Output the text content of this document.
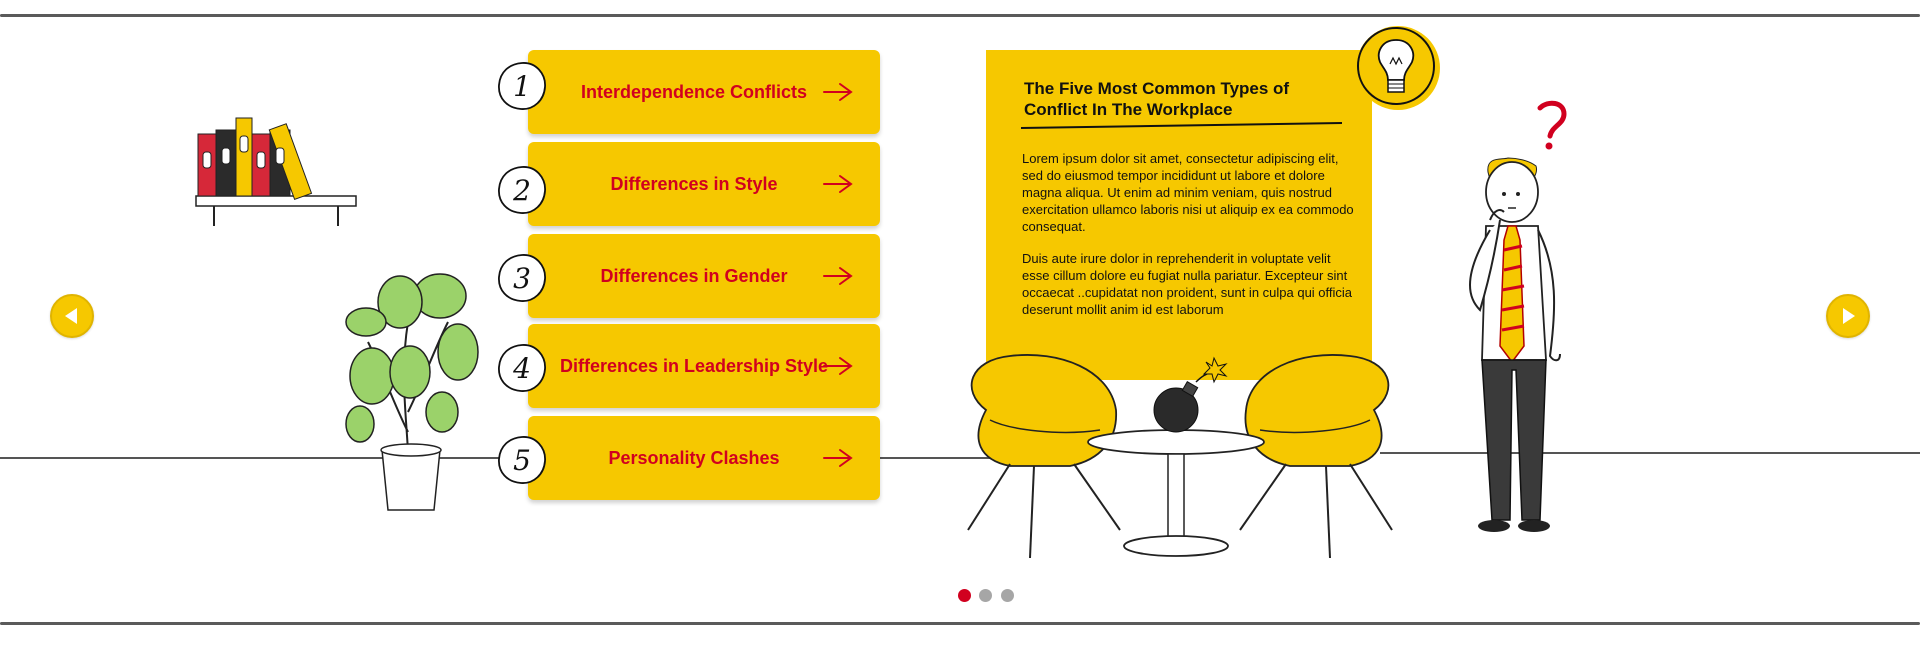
Interdependence Conflicts
Differences in Style
Differences in Gender
Differences in Leadership Style
Personality Clashes
1
2
3
4
5
The Five Most Common Types of Conflict In The Workplace

Lorem ipsum dolor sit amet, consectetur adipiscing elit, sed do eiusmod tempor incididunt ut labore et dolore magna aliqua. Ut enim ad minim veniam, quis nostrud exercitation ullamco laboris nisi ut aliquip ex ea commodo consequat.

Duis aute irure dolor in reprehenderit in voluptate velit esse cillum dolore eu fugiat nulla pariatur. Excepteur sint occaecat ..cupidatat non proident, sunt in culpa qui officia deserunt mollit anim id est laborum
